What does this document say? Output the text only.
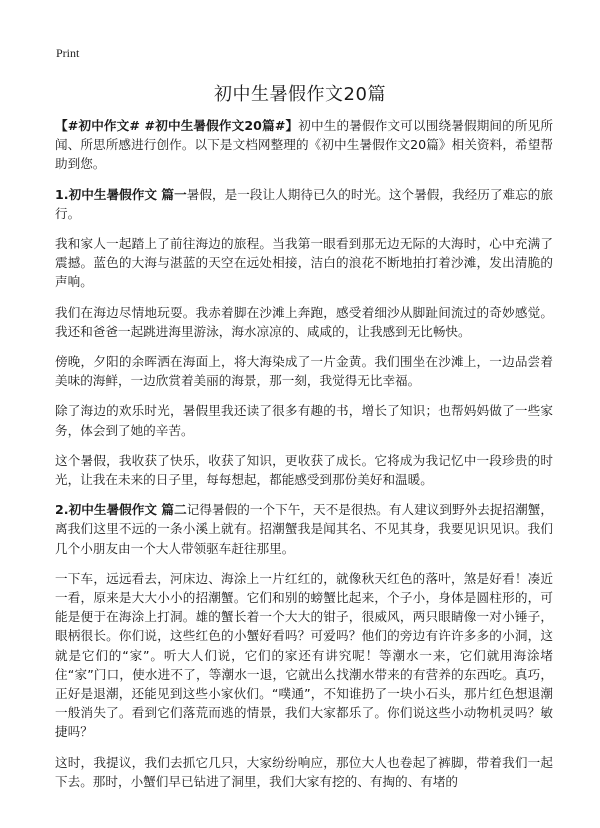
Print
初中生暑假作文20篇

【#初中作文# #初中生暑假作文20篇#】初中生的暑假作文可以围绕暑假期间的所见所闻、所思所感进行创作。以下是文档网整理的《初中生暑假作文20篇》相关资料，希望帮助到您。

1.初中生暑假作文 篇一暑假，是一段让人期待已久的时光。这个暑假，我经历了难忘的旅行。

我和家人一起踏上了前往海边的旅程。当我第一眼看到那无边无际的大海时，心中充满了震撼。蓝色的大海与湛蓝的天空在远处相接，洁白的浪花不断地拍打着沙滩，发出清脆的声响。

我们在海边尽情地玩耍。我赤着脚在沙滩上奔跑，感受着细沙从脚趾间流过的奇妙感觉。我还和爸爸一起跳进海里游泳，海水凉凉的、咸咸的，让我感到无比畅快。

傍晚，夕阳的余晖洒在海面上，将大海染成了一片金黄。我们围坐在沙滩上，一边品尝着美味的海鲜，一边欣赏着美丽的海景，那一刻，我觉得无比幸福。

除了海边的欢乐时光，暑假里我还读了很多有趣的书，增长了知识；也帮妈妈做了一些家务，体会到了她的辛苦。

这个暑假，我收获了快乐，收获了知识，更收获了成长。它将成为我记忆中一段珍贵的时光，让我在未来的日子里，每每想起，都能感受到那份美好和温暖。

2.初中生暑假作文 篇二记得暑假的一个下午，天不是很热。有人建议到野外去捉招潮蟹，离我们这里不远的一条小溪上就有。招潮蟹我是闻其名、不见其身，我要见识见识。我们几个小朋友由一个大人带领驱车赶往那里。

一下车，远远看去，河床边、海涂上一片红红的，就像秋天红色的落叶，煞是好看！凑近一看，原来是大大小小的招潮蟹。它们和别的螃蟹比起来，个子小，身体是圆柱形的，可能是便于在海涂上打洞。雄的蟹长着一个大大的钳子，很威风，两只眼睛像一对小锤子，眼柄很长。你们说，这些红色的小蟹好看吗？可爱吗？他们的旁边有许许多多的小洞，这就是它们的“家”。听大人们说，它们的家还有讲究呢！等潮水一来，它们就用海涂堵住“家”门口，使水进不了，等潮水一退，它就出么找潮水带来的有营养的东西吃。真巧，正好是退潮，还能见到这些小家伙们。“噗通”，不知谁扔了一块小石头，那片红色想退潮一般消失了。看到它们落荒而逃的情景，我们大家都乐了。你们说这些小动物机灵吗？敏捷吗？

这时，我提议，我们去抓它几只，大家纷纷响应，那位大人也卷起了裤脚，带着我们一起下去。那时，小蟹们早已钻进了洞里，我们大家有挖的、有掏的、有堵的
